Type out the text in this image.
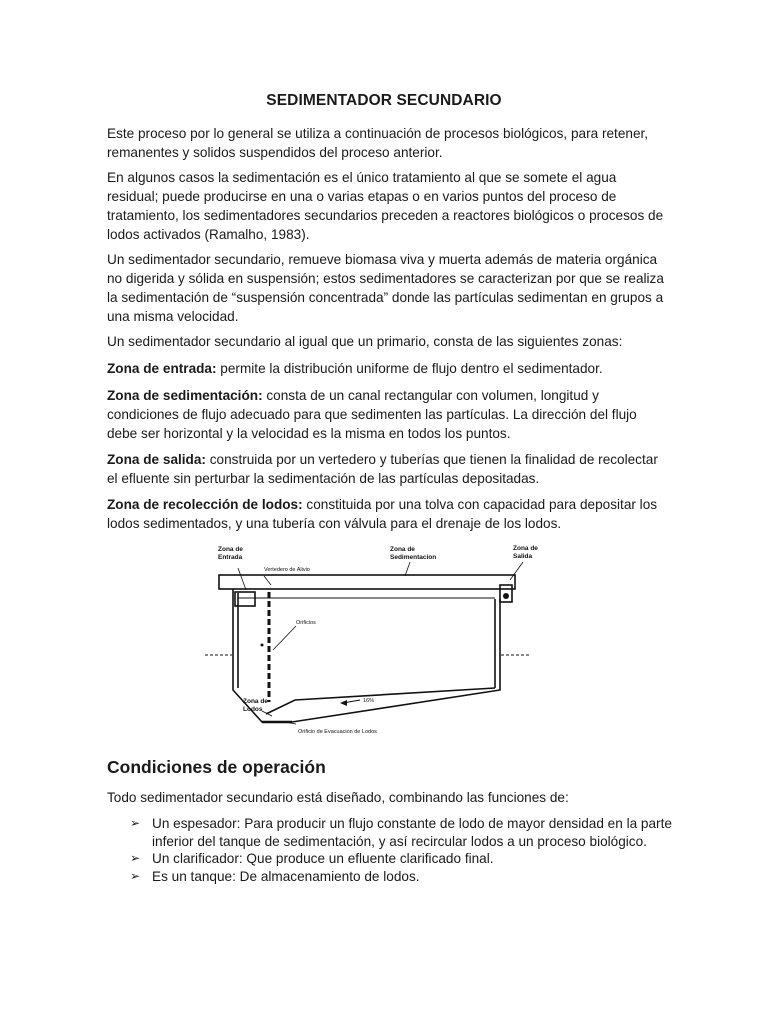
SEDIMENTADOR SECUNDARIO

Este proceso por lo general se utiliza a continuación de procesos biológicos, para retener, remanentes y solidos suspendidos del proceso anterior.

En algunos casos la sedimentación es el único tratamiento al que se somete el agua residual; puede producirse en una o varias etapas o en varios puntos del proceso de tratamiento, los sedimentadores secundarios preceden a reactores biológicos o procesos de lodos activados (Ramalho, 1983).

Un sedimentador secundario, remueve biomasa viva y muerta además de materia orgánica no digerida y sólida en suspensión; estos sedimentadores se caracterizan por que se realiza la sedimentación de “suspensión concentrada” donde las partículas sedimentan en grupos a una misma velocidad.

Un sedimentador secundario al igual que un primario, consta de las siguientes zonas:

Zona de entrada: permite la distribución uniforme de flujo dentro el sedimentador.

Zona de sedimentación: consta de un canal rectangular con volumen, longitud y condiciones de flujo adecuado para que sedimenten las partículas. La dirección del flujo debe ser horizontal y la velocidad es la misma en todos los puntos.

Zona de salida: construida por un vertedero y tuberías que tienen la finalidad de recolectar el efluente sin perturbar la sedimentación de las partículas depositadas.

Zona de recolección de lodos: constituida por una tolva con capacidad para depositar los lodos sedimentados, y una tubería con válvula para el drenaje de los lodos.

Zona de
Entrada
Zona de
Sedimentacion
Zona de
Salida
Zona de
Lodos
Vertedero de Alivio
Orificios
16%
Orificio de Evacuacion de Lodos
Condiciones de operación

Todo sedimentador secundario está diseñado, combinando las funciones de:

➢ Un espesador: Para producir un flujo constante de lodo de mayor densidad en la parte inferior del tanque de sedimentación, y así recircular lodos a un proceso biológico.
➢ Un clarificador: Que produce un efluente clarificado final.
➢ Es un tanque: De almacenamiento de lodos.
